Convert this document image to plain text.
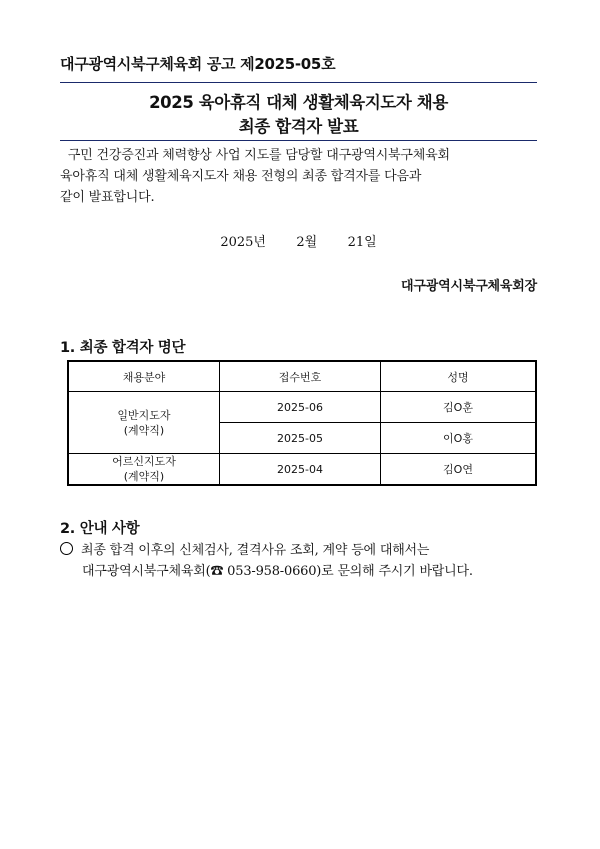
대구광역시북구체육회 공고 제2025-05호
2025 육아휴직 대체 생활체육지도자 채용
최종 합격자 발표
구민 건강증진과 체력향상 사업 지도를 담당할 대구광역시북구체육회
육아휴직 대체 생활체육지도자 채용 전형의 최종 합격자를 다음과
같이 발표합니다.
2025년   2월   21일
대구광역시북구체육회장
1. 최종 합격자 명단
채용분야	접수번호	성명

일반지도자
(계약직)	2025-06	김O훈
	2025-05	이O홍

어르신지도자
(계약직)	2025-04	김O연
2. 안내 사항
최종 합격 이후의 신체검사, 결격사유 조회, 계약 등에 대해서는
대구광역시북구체육회(☎ 053-958-0660)로 문의해 주시기 바랍니다.
